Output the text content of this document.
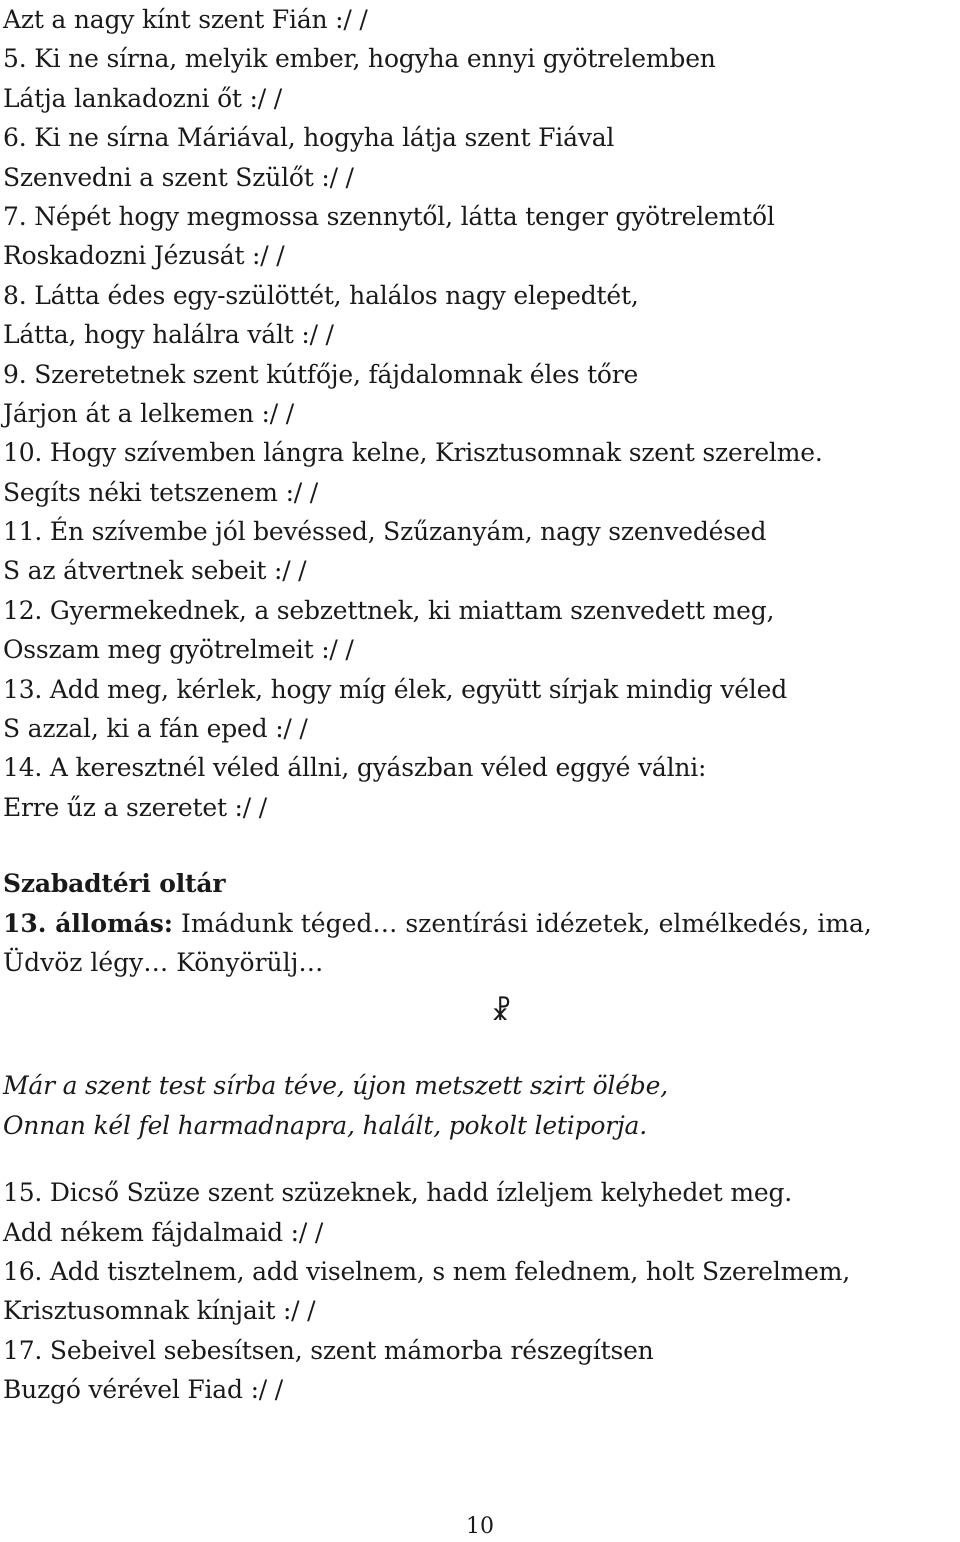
Azt a nagy kínt szent Fián :/ /
5. Ki ne sírna, melyik ember, hogyha ennyi gyötrelemben
Látja lankadozni őt :/ /
6. Ki ne sírna Máriával, hogyha látja szent Fiával
Szenvedni a szent Szülőt :/ /
7. Népét hogy megmossa szennytől, látta tenger gyötrelemtől
Roskadozni Jézusát :/ /
8. Látta édes egy-szülöttét, halálos nagy elepedtét,
Látta, hogy halálra vált :/ /
9. Szeretetnek szent kútfője, fájdalomnak éles tőre
Járjon át a lelkemen :/ /
10. Hogy szívemben lángra kelne, Krisztusomnak szent szerelme.
Segíts néki tetszenem :/ /
11. Én szívembe jól bevéssed, Szűzanyám, nagy szenvedésed
S az átvertnek sebeit :/ /
12. Gyermekednek, a sebzettnek, ki miattam szenvedett meg,
Osszam meg gyötrelmeit :/ /
13. Add meg, kérlek, hogy míg élek, együtt sírjak mindig véled
S azzal, ki a fán eped :/ /
14. A keresztnél véled állni, gyászban véled eggyé válni:
Erre űz a szeretet :/ /
Szabadtéri oltár
13. állomás: Imádunk téged… szentírási idézetek, elmélkedés, ima, Üdvöz légy… Könyörülj…
☧
Már a szent test sírba téve, újon metszett szirt ölébe,
Onnan kél fel harmadnapra, halált, pokolt letiporja.
15. Dicső Szüze szent szüzeknek, hadd ízleljem kelyhedet meg.
Add nékem fájdalmaid :/ /
16. Add tisztelnem, add viselnem, s nem felednem, holt Szerelmem,
Krisztusomnak kínjait :/ /
17. Sebeivel sebesítsen, szent mámorba részegítsen
Buzgó vérével Fiad :/ /
10
